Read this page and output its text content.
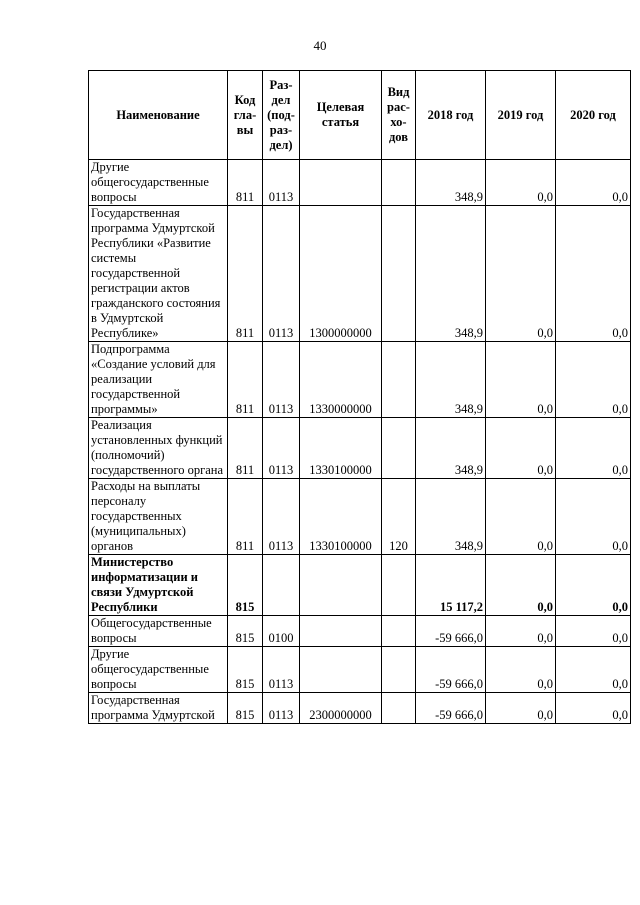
40
Наименование	Код гла-вы	Раз-дел (под-раз-дел)	Целевая статья	Вид рас-хо-дов	2018 год	2019 год	2020 год
Другие общегосударственные вопросы	811	0113			348,9	0,0	0,0
Государственная программа Удмуртской Республики «Развитие системы государственной регистрации актов гражданского состояния в Удмуртской Республике»	811	0113	1300000000		348,9	0,0	0,0
Подпрограмма «Создание условий для реализации государственной программы»	811	0113	1330000000		348,9	0,0	0,0
Реализация установленных функций (полномочий) государственного органа	811	0113	1330100000		348,9	0,0	0,0
Расходы на выплаты персоналу государственных (муниципальных) органов	811	0113	1330100000	120	348,9	0,0	0,0
Министерство информатизации и связи Удмуртской Республики	815				15 117,2	0,0	0,0
Общегосударственные вопросы	815	0100			-59 666,0	0,0	0,0
Другие общегосударственные вопросы	815	0113			-59 666,0	0,0	0,0
Государственная программа Удмуртской	815	0113	2300000000		-59 666,0	0,0	0,0
